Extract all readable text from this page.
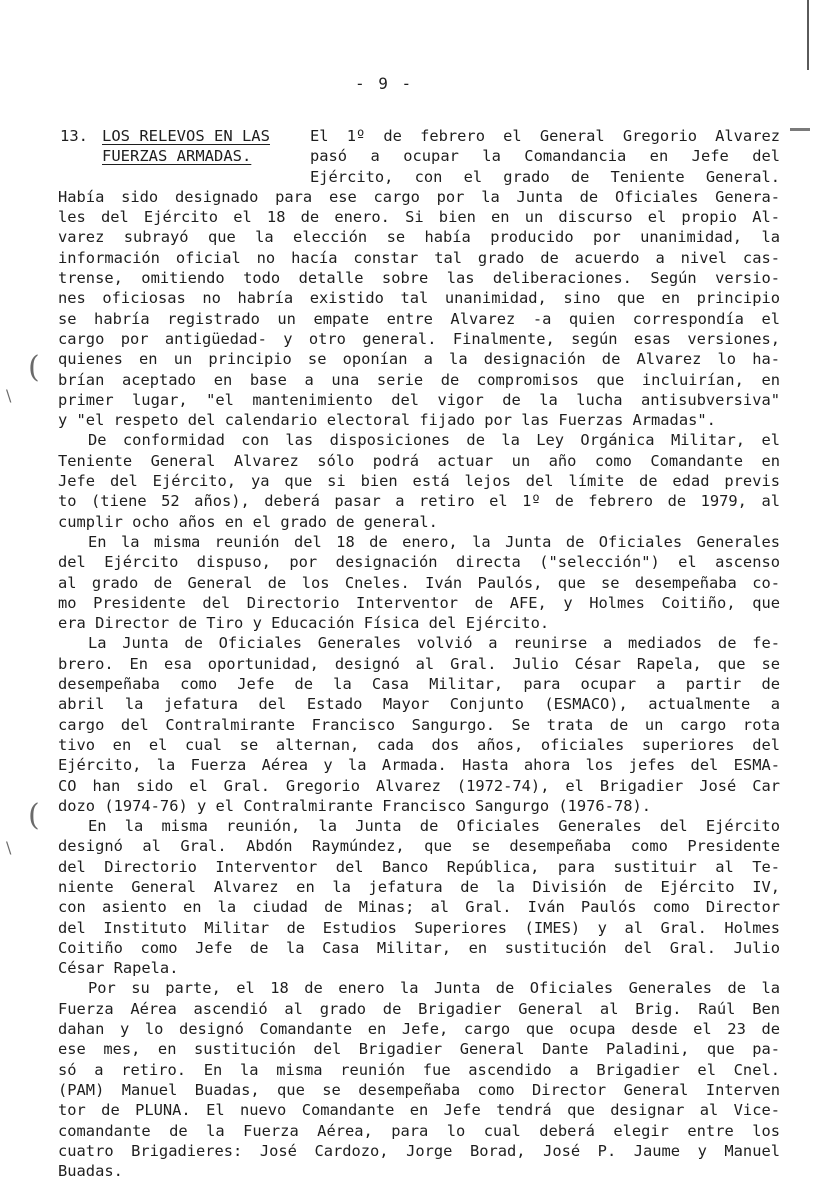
- 9 -
13. LOS RELEVOS EN LAS
FUERZAS ARMADAS.
El 1º de febrero el General Gregorio Alvarez
pasó a ocupar la Comandancia en Jefe del
Ejército, con el grado de Teniente General.
Había sido designado para ese cargo por la Junta de Oficiales Genera-
les del Ejército el 18 de enero. Si bien en un discurso el propio Al-
varez subrayó que la elección se había producido por unanimidad, la
información oficial no hacía constar tal grado de acuerdo a nivel cas-
trense, omitiendo todo detalle sobre las deliberaciones. Según versio-
nes oficiosas no habría existido tal unanimidad, sino que en principio
se habría registrado un empate entre Alvarez -a quien correspondía el
cargo por antigüedad- y otro general. Finalmente, según esas versiones,
quienes en un principio se oponían a la designación de Alvarez lo ha-
brían aceptado en base a una serie de compromisos que incluirían, en
primer lugar, "el mantenimiento del vigor de la lucha antisubversiva"
y "el respeto del calendario electoral fijado por las Fuerzas Armadas".
De conformidad con las disposiciones de la Ley Orgánica Militar, el
Teniente General Alvarez sólo podrá actuar un año como Comandante en
Jefe del Ejército, ya que si bien está lejos del límite de edad previs
to (tiene 52 años), deberá pasar a retiro el 1º de febrero de 1979, al
cumplir ocho años en el grado de general.
En la misma reunión del 18 de enero, la Junta de Oficiales Generales
del Ejército dispuso, por designación directa ("selección") el ascenso
al grado de General de los Cneles. Iván Paulós, que se desempeñaba co-
mo Presidente del Directorio Interventor de AFE, y Holmes Coitiño, que
era Director de Tiro y Educación Física del Ejército.
La Junta de Oficiales Generales volvió a reunirse a mediados de fe-
brero. En esa oportunidad, designó al Gral. Julio César Rapela, que se
desempeñaba como Jefe de la Casa Militar, para ocupar a partir de
abril la jefatura del Estado Mayor Conjunto (ESMACO), actualmente a
cargo del Contralmirante Francisco Sangurgo. Se trata de un cargo rota
tivo en el cual se alternan, cada dos años, oficiales superiores del
Ejército, la Fuerza Aérea y la Armada. Hasta ahora los jefes del ESMA-
CO han sido el Gral. Gregorio Alvarez (1972-74), el Brigadier José Car
dozo (1974-76) y el Contralmirante Francisco Sangurgo (1976-78).
En la misma reunión, la Junta de Oficiales Generales del Ejército
designó al Gral. Abdón Raymúndez, que se desempeñaba como Presidente
del Directorio Interventor del Banco República, para sustituir al Te-
niente General Alvarez en la jefatura de la División de Ejército IV,
con asiento en la ciudad de Minas; al Gral. Iván Paulós como Director
del Instituto Militar de Estudios Superiores (IMES) y al Gral. Holmes
Coitiño como Jefe de la Casa Militar, en sustitución del Gral. Julio
César Rapela.
Por su parte, el 18 de enero la Junta de Oficiales Generales de la
Fuerza Aérea ascendió al grado de Brigadier General al Brig. Raúl Ben
dahan y lo designó Comandante en Jefe, cargo que ocupa desde el 23 de
ese mes, en sustitución del Brigadier General Dante Paladini, que pa-
só a retiro. En la misma reunión fue ascendido a Brigadier el Cnel.
(PAM) Manuel Buadas, que se desempeñaba como Director General Interven
tor de PLUNA. El nuevo Comandante en Jefe tendrá que designar al Vice-
comandante de la Fuerza Aérea, para lo cual deberá elegir entre los
cuatro Brigadieres: José Cardozo, Jorge Borad, José P. Jaume y Manuel
Buadas.
(
\
(
\
